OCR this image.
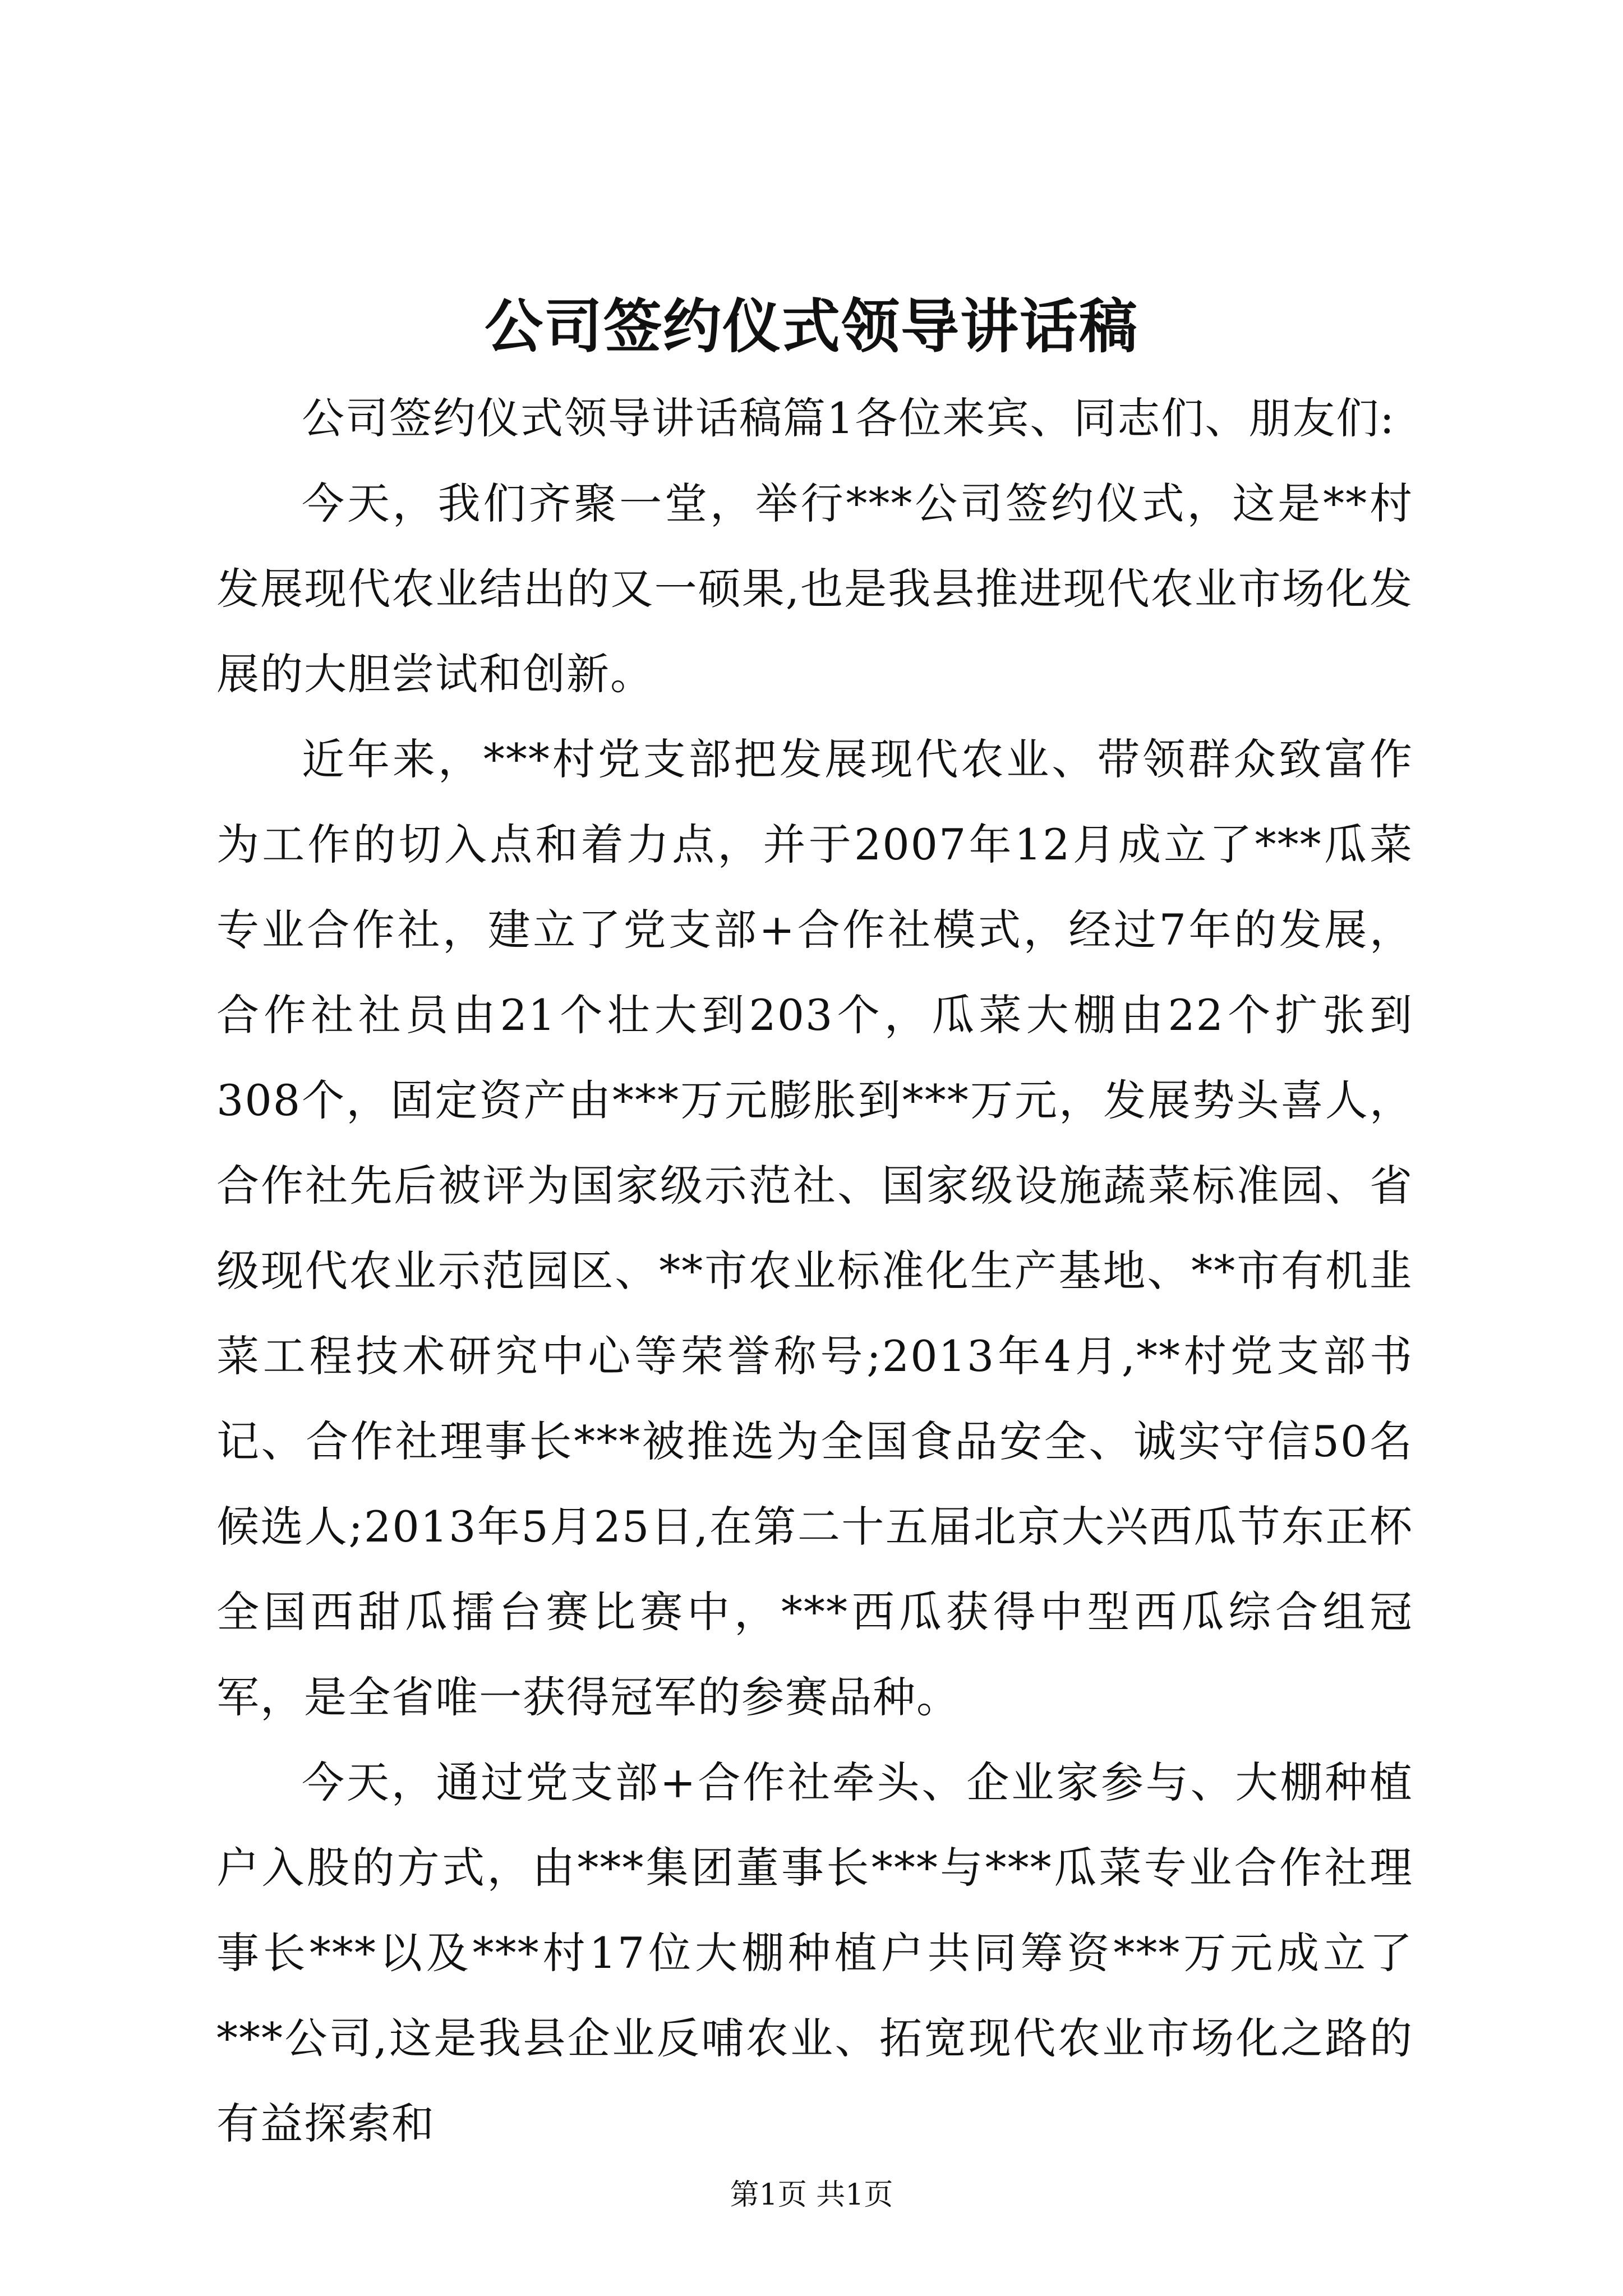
公司签约仪式领导讲话稿

公司签约仪式领导讲话稿篇1各位来宾、同志们、朋友们:

今天，我们齐聚一堂，举行***公司签约仪式，这是**村发展现代农业结出的又一硕果,也是我县推进现代农业市场化发展的大胆尝试和创新。

近年来，***村党支部把发展现代农业、带领群众致富作为工作的切入点和着力点，并于2007年12月成立了***瓜菜专业合作社，建立了党支部+合作社模式，经过7年的发展，合作社社员由21个壮大到203个，瓜菜大棚由22个扩张到308个，固定资产由***万元膨胀到***万元，发展势头喜人，合作社先后被评为国家级示范社、国家级设施蔬菜标准园、省级现代农业示范园区、**市农业标准化生产基地、**市有机韭菜工程技术研究中心等荣誉称号;2013年4月,**村党支部书记、合作社理事长***被推选为全国食品安全、诚实守信50名候选人;2013年5月25日,在第二十五届北京大兴西瓜节东正杯全国西甜瓜擂台赛比赛中，***西瓜获得中型西瓜综合组冠军，是全省唯一获得冠军的参赛品种。

今天，通过党支部+合作社牵头、企业家参与、大棚种植户入股的方式，由***集团董事长***与***瓜菜专业合作社理事长***以及***村17位大棚种植户共同筹资***万元成立了***公司,这是我县企业反哺农业、拓宽现代农业市场化之路的有益探索和

第1页 共1页
